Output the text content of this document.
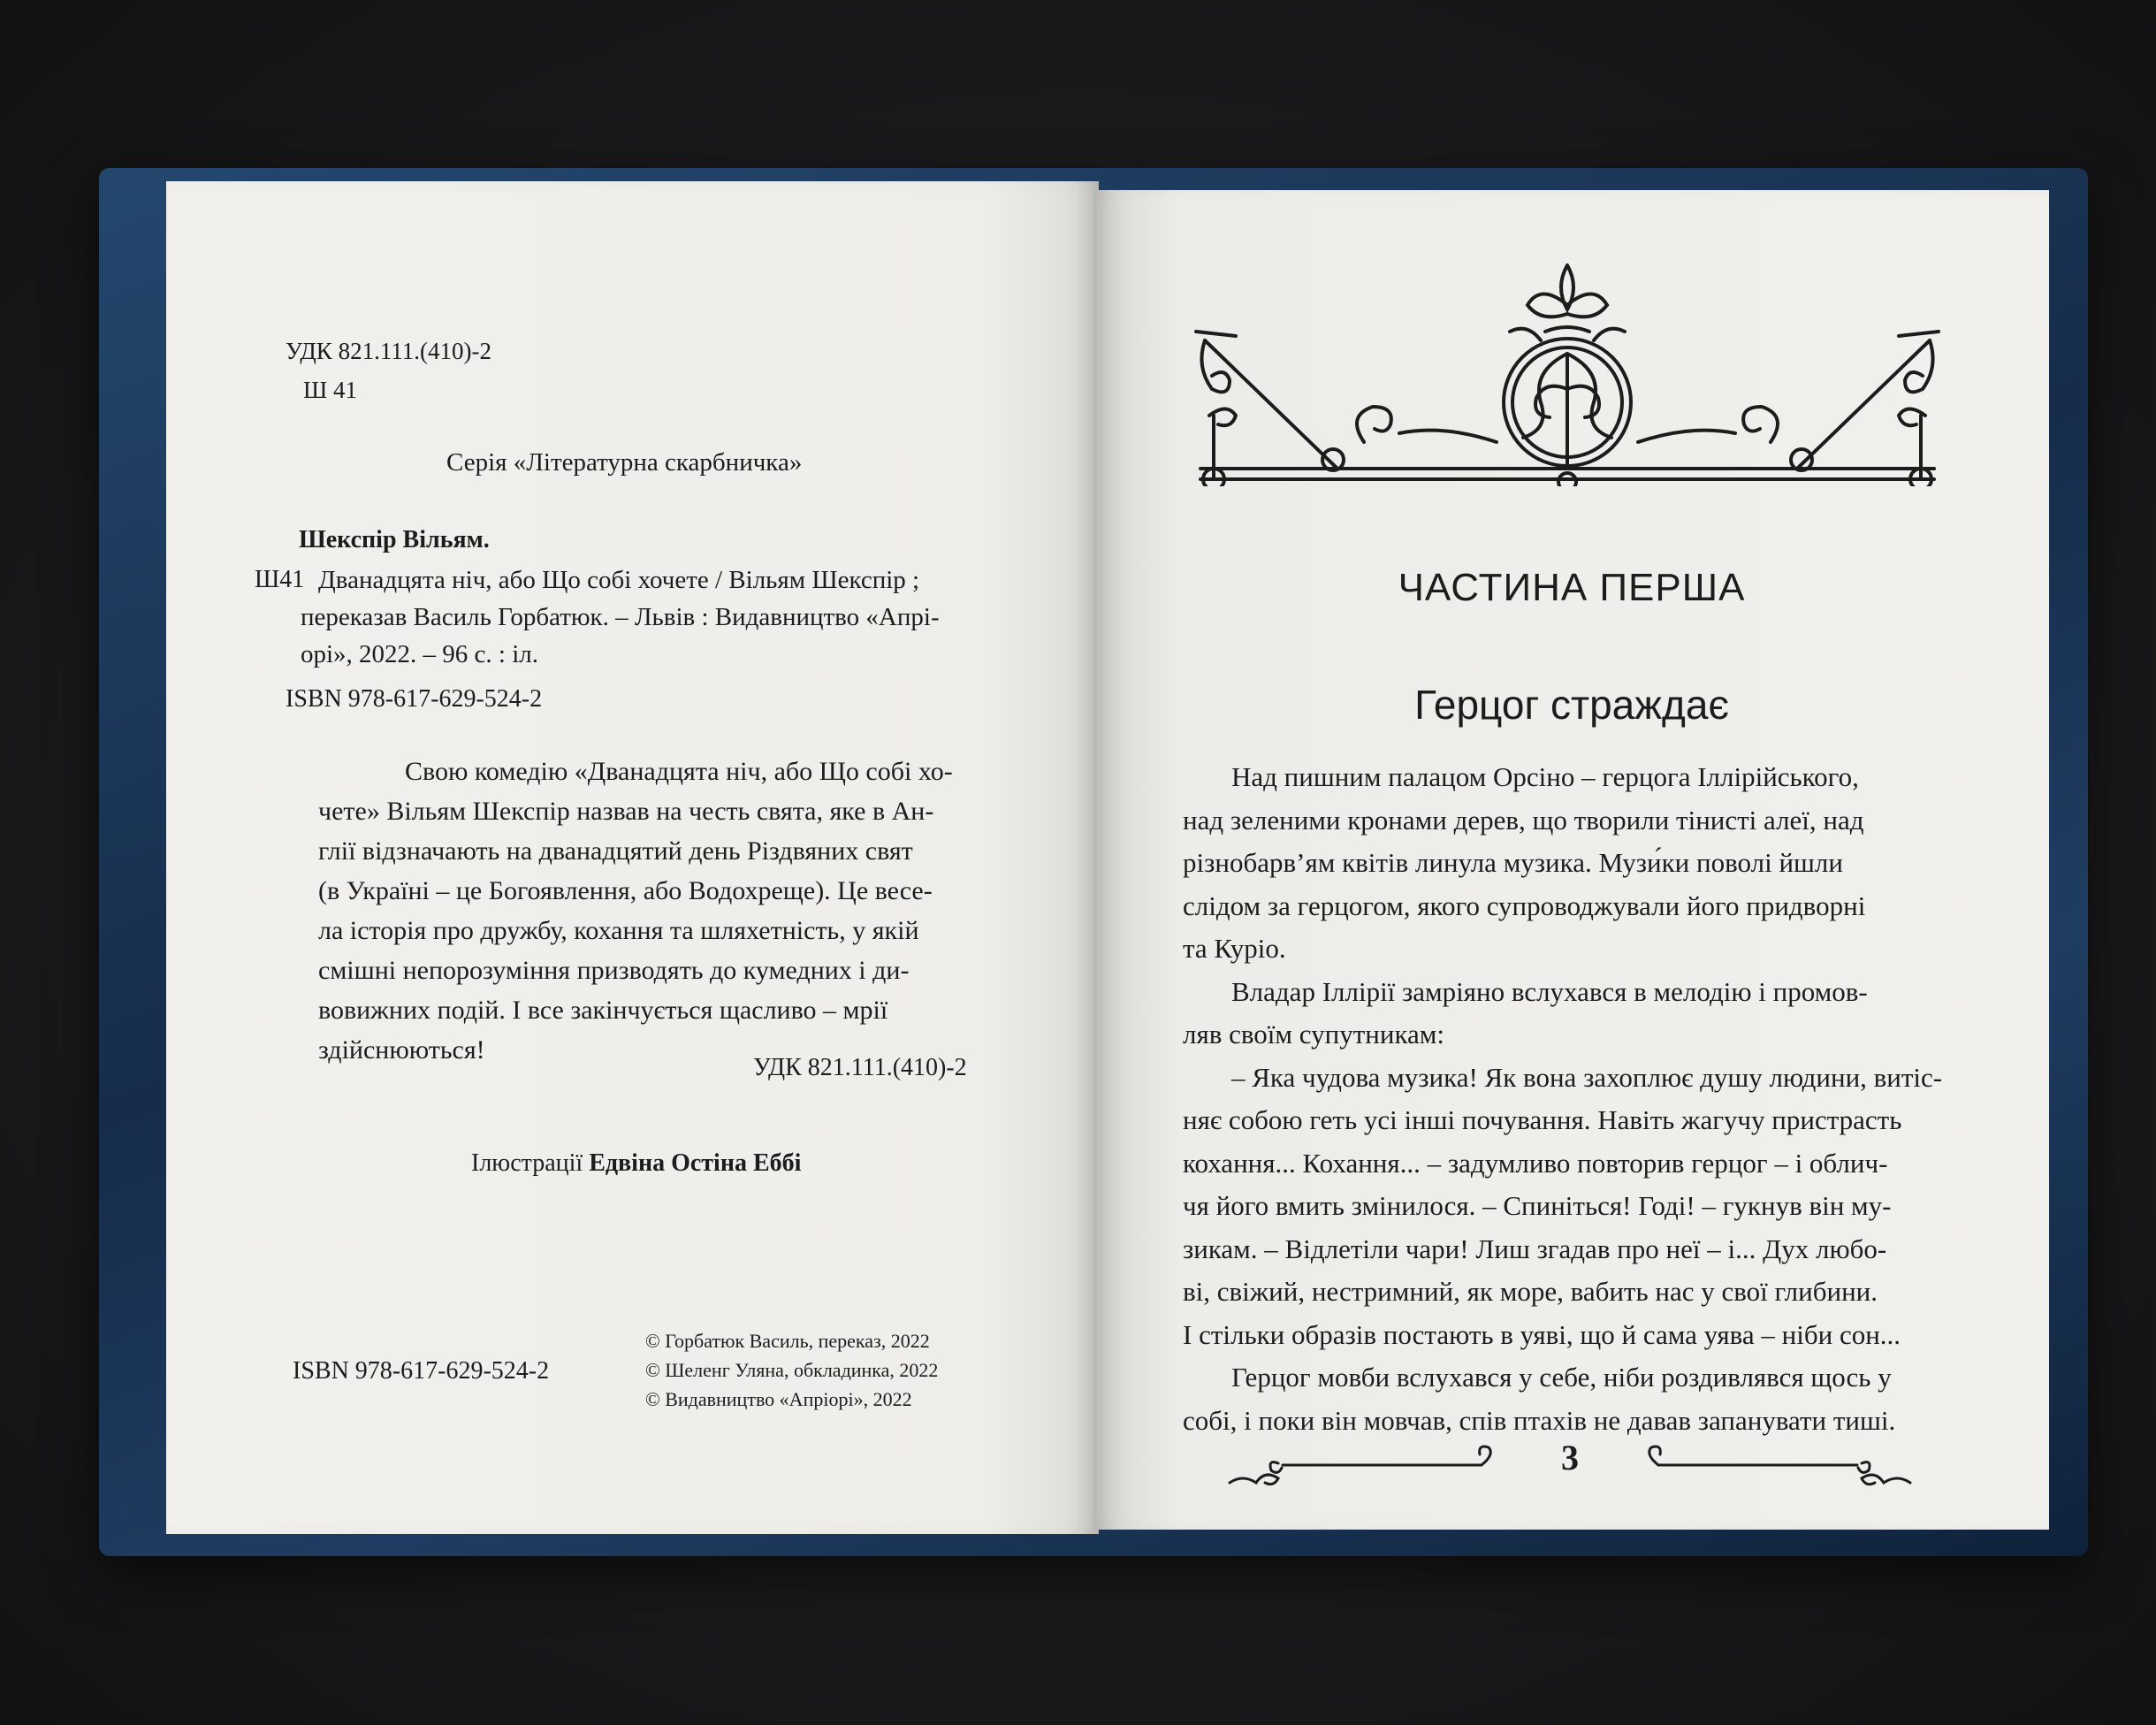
УДК 821.111.(410)-2
Ш 41
Серія «Літературна скарбничка»
Шекспір Вільям.
Ш41 Дванадцята ніч, або Що собі хочете / Вільям Шекспір ;
переказав Василь Горбатюк. – Львів : Видавництво «Апрі-
орі», 2022. – 96 с. : іл.
ISBN 978-617-629-524-2
Свою комедію «Дванадцята ніч, або Що собі хо-
чете» Вільям Шекспір назвав на честь свята, яке в Ан-
глії відзначають на дванадцятий день Різдвяних свят
(в Україні – це Богоявлення, або Водохреще). Це весе-
ла історія про дружбу, кохання та шляхетність, у якій
смішні непорозуміння призводять до кумедних і ди-
вовижних подій. І все закінчується щасливо – мрії
здійснюються!
УДК 821.111.(410)-2
Ілюстрації Едвіна Остіна Еббі
ISBN 978-617-629-524-2
© Горбатюк Василь, переказ, 2022
© Шеленг Уляна, обкладинка, 2022
© Видавництво «Апріорі», 2022
ЧАСТИНА ПЕРША
Герцог страждає
Над пишним палацом Орсіно – герцога Іллірійського,
над зеленими кронами дерев, що творили тінисті алеї, над
різнобарв’ям квітів линула музика. Музи́ки поволі йшли
слідом за герцогом, якого супроводжували його придворні
та Куріо.
Владар Іллірії замріяно вслухався в мелодію і промов-
ляв своїм супутникам:
– Яка чудова музика! Як вона захоплює душу людини, витіс-
няє собою геть усі інші почування. Навіть жагучу пристрасть
кохання... Кохання... – задумливо повторив герцог – і облич-
чя його вмить змінилося. – Спиніться! Годі! – гукнув він му-
зикам. – Відлетіли чари! Лиш згадав про неї – і... Дух любо-
ві, свіжий, нестримний, як море, вабить нас у свої глибини.
І стільки образів постають в уяві, що й сама уява – ніби сон...
Герцог мовби вслухався у себе, ніби роздивлявся щось у
собі, і поки він мовчав, спів птахів не давав запанувати тиші.
3
